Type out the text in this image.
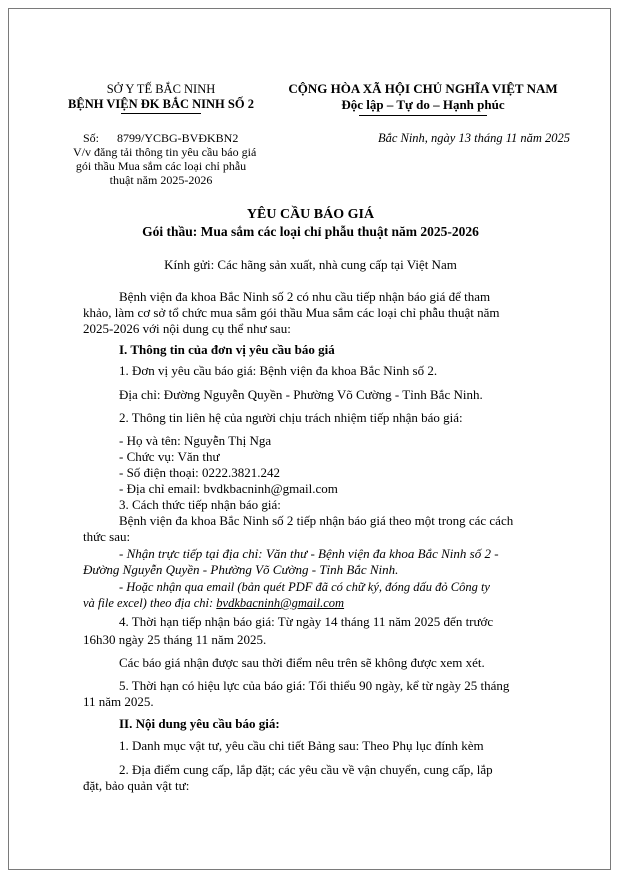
SỞ Y TẾ BẮC NINH
BỆNH VIỆN ĐK BẮC NINH SỐ 2
Số: 8799/YCBG-BVĐKBN2
V/v đăng tải thông tin yêu cầu báo giá
gói thầu Mua sắm các loại chỉ phẫu
thuật năm 2025-2026
CỘNG HÒA XÃ HỘI CHỦ NGHĨA VIỆT NAM
Độc lập – Tự do – Hạnh phúc
Bắc Ninh, ngày 13 tháng 11 năm 2025
YÊU CẦU BÁO GIÁ
Gói thầu: Mua sắm các loại chỉ phẫu thuật năm 2025-2026
Kính gửi: Các hãng sản xuất, nhà cung cấp tại Việt Nam
Bệnh viện đa khoa Bắc Ninh số 2 có nhu cầu tiếp nhận báo giá để tham
khảo, làm cơ sở tổ chức mua sắm gói thầu Mua sắm các loại chỉ phẫu thuật năm
2025-2026 với nội dung cụ thể như sau:
I. Thông tin của đơn vị yêu cầu báo giá
1. Đơn vị yêu cầu báo giá: Bệnh viện đa khoa Bắc Ninh số 2.
Địa chỉ: Đường Nguyễn Quyền - Phường Võ Cường - Tỉnh Bắc Ninh.
2. Thông tin liên hệ của người chịu trách nhiệm tiếp nhận báo giá:
- Họ và tên: Nguyễn Thị Nga
- Chức vụ: Văn thư
- Số điện thoại: 0222.3821.242
- Địa chỉ email: bvdkbacninh@gmail.com
3. Cách thức tiếp nhận báo giá:
Bệnh viện đa khoa Bắc Ninh số 2 tiếp nhận báo giá theo một trong các cách
thức sau:
- Nhận trực tiếp tại địa chỉ: Văn thư - Bệnh viện đa khoa Bắc Ninh số 2 -
Đường Nguyễn Quyền - Phường Võ Cường - Tỉnh Bắc Ninh.
- Hoặc nhận qua email (bản quét PDF đã có chữ ký, đóng dấu đỏ Công ty
và file excel) theo địa chỉ: bvdkbacninh@gmail.com
4. Thời hạn tiếp nhận báo giá: Từ ngày 14 tháng 11 năm 2025 đến trước
16h30 ngày 25 tháng 11 năm 2025.
Các báo giá nhận được sau thời điểm nêu trên sẽ không được xem xét.
5. Thời hạn có hiệu lực của báo giá: Tối thiểu 90 ngày, kể từ ngày 25 tháng
11 năm 2025.
II. Nội dung yêu cầu báo giá:
1. Danh mục vật tư, yêu cầu chi tiết Bảng sau: Theo Phụ lục đính kèm
2. Địa điểm cung cấp, lắp đặt; các yêu cầu về vận chuyển, cung cấp, lắp
đặt, bảo quản vật tư:
